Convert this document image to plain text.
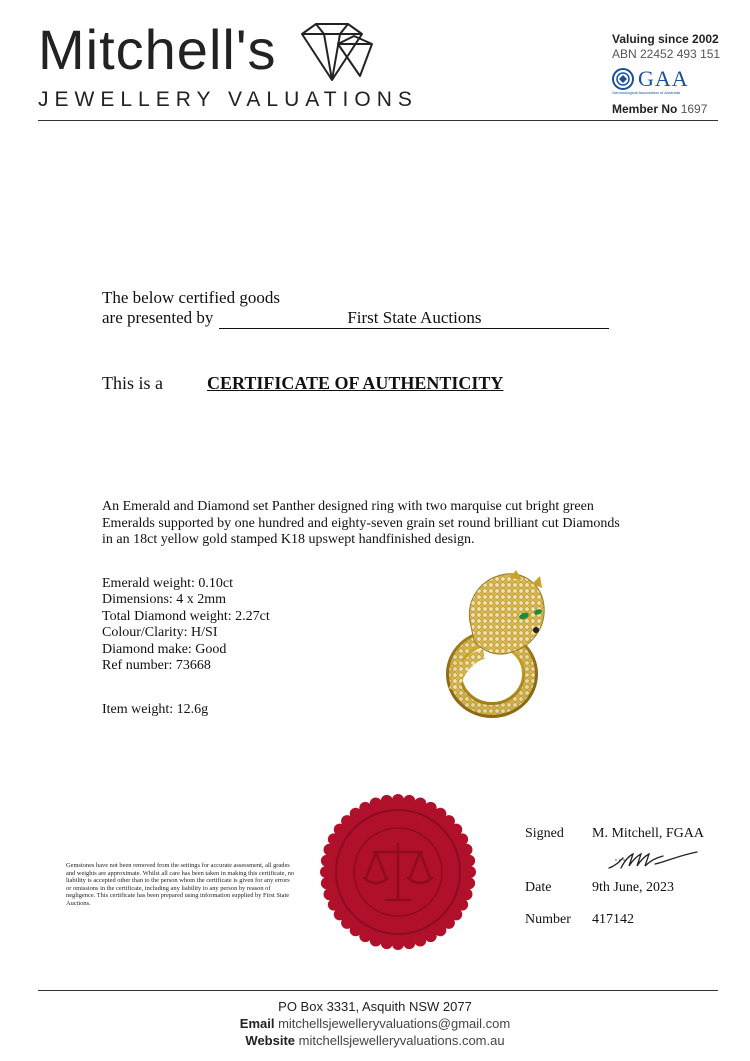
Mitchell's
JEWELLERY VALUATIONS
Valuing since 2002
ABN 22452 493 151
GAA
Gemmological Association of Australia
Member No 1697
The below certified goods
are presented by	First State Auctions
This is a CERTIFICATE OF AUTHENTICITY
An Emerald and Diamond set Panther designed ring with two marquise cut bright green Emeralds supported by one hundred and eighty-seven grain set round brilliant cut Diamonds in an 18ct yellow gold stamped K18 upswept handfinished design.
Emerald weight: 0.10ct
Dimensions: 4 x 2mm
Total Diamond weight: 2.27ct
Colour/Clarity: H/SI
Diamond make: Good
Ref number: 73668
Item weight: 12.6g
Gemstones have not been removed from the settings for accurate assessment, all grades and weights are approximate. Whilst all care has been taken in making this certificate, no liability is accepted other than to the person whom the certificate is given for any errors or omissions in the certificate, including any liability to any person by reason of negligence. This certificate has been prepared using information supplied by First State Auctions.
Signed M. Mitchell, FGAA
Date	9th June, 2023
Number 417142
PO Box 3331, Asquith NSW 2077
Email mitchellsjewelleryvaluations@gmail.com
Website mitchellsjewelleryvaluations.com.au
